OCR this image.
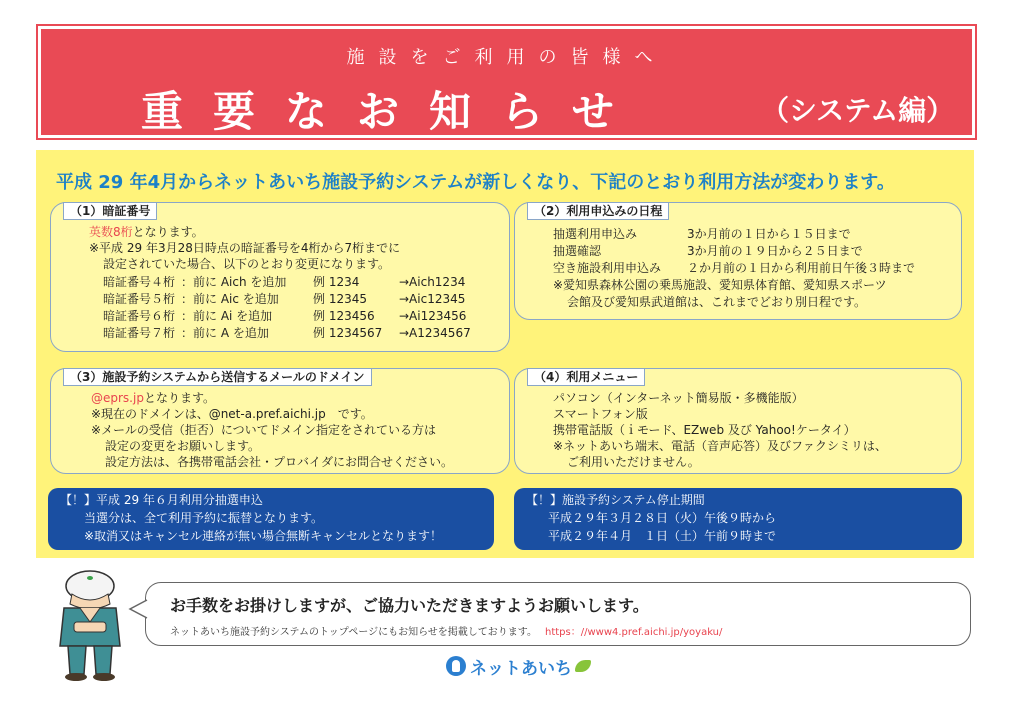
施設をご利用の皆様へ
重要なお知らせ	（システム編）
平成 29 年4月からネットあいち施設予約システムが新しくなり、下記のとおり利用方法が変わります。
（1）暗証番号
英数8桁となります。
※平成 29 年3月28日時点の暗証番号を4桁から7桁までに
設定されていた場合、以下のとおり変更になります。
暗証番号４桁 ：前に Aich を追加 例 1234	→Aich1234
暗証番号５桁 ：前に Aic を追加	例 12345	→Aic12345
暗証番号６桁 ：前に Ai を追加	例 123456 →Ai123456
暗証番号７桁 ：前に A を追加	例 1234567 →A1234567
（2）利用申込みの日程
抽選利用申込み	3か月前の１日から１５日まで
抽選確認	3か月前の１９日から２５日まで
空き施設利用申込み ２か月前の１日から利用前日午後３時まで
※愛知県森林公園の乗馬施設、愛知県体育館、愛知県スポーツ
会館及び愛知県武道館は、これまでどおり別日程です。
（3）施設予約システムから送信するメールのドメイン
@eprs.jpとなります。
※現在のドメインは、@net-a.pref.aichi.jp　です。
※メールの受信（拒否）についてドメイン指定をされている方は
設定の変更をお願いします。
設定方法は、各携帯電話会社・プロバイダにお問合せください。
（4）利用メニュー
パソコン（インターネット簡易版・多機能版）
スマートフォン版
携帯電話版（ｉモード、EZweb 及び Yahoo!ケータイ）
※ネットあいち端末、電話（音声応答）及びファクシミリは、
ご利用いただけません。
【！】平成 29 年６月利用分抽選申込
当選分は、全て利用予約に振替となります。
※取消又はキャンセル連絡が無い場合無断キャンセルとなります！
【！】施設予約システム停止期間
平成２９年３月２８日（火）午後９時から
平成２９年４月　１日（土）午前９時まで
お手数をお掛けしますが、ご協力いただきますようお願いします。
ネットあいち施設予約システムのトップページにもお知らせを掲載しております。 https：//www4.pref.aichi.jp/yoyaku/
ネットあいち
